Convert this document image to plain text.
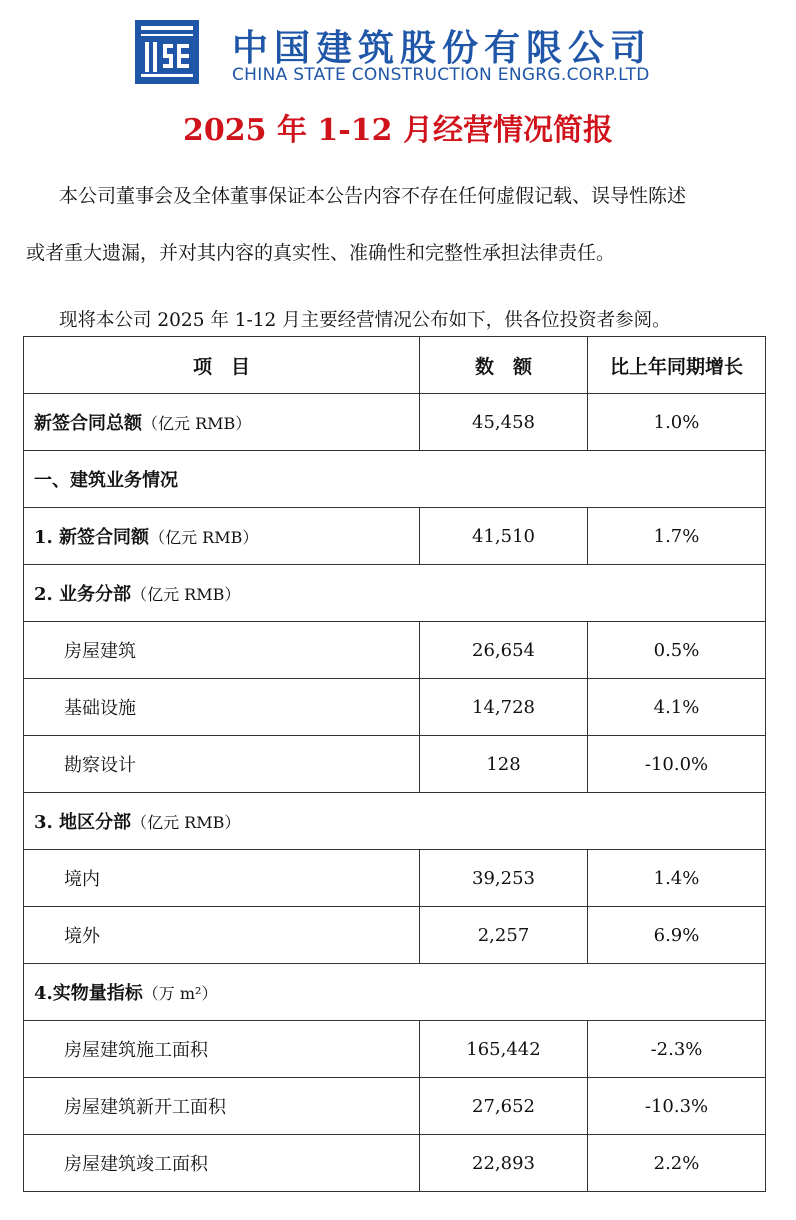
中国建筑股份有限公司
CHINA STATE CONSTRUCTION ENGRG.CORP.LTD
2025 年 1-12 月经营情况简报
本公司董事会及全体董事保证本公告内容不存在任何虚假记载、误导性陈述
或者重大遗漏，并对其内容的真实性、准确性和完整性承担法律责任。
现将本公司 2025 年 1-12 月主要经营情况公布如下，供各位投资者参阅。
项　目	数　额	比上年同期增长
新签合同总额（亿元 RMB）	45,458	1.0%
一、建筑业务情况		
1. 新签合同额（亿元 RMB）	41,510	1.7%
2. 业务分部（亿元 RMB）		
房屋建筑	26,654	0.5%
基础设施	14,728	4.1%
勘察设计	128	-10.0%
3. 地区分部（亿元 RMB）		
境内	39,253	1.4%
境外	2,257	6.9%
4.实物量指标（万 m²）		
房屋建筑施工面积	165,442	-2.3%
房屋建筑新开工面积	27,652	-10.3%
房屋建筑竣工面积	22,893	2.2%
